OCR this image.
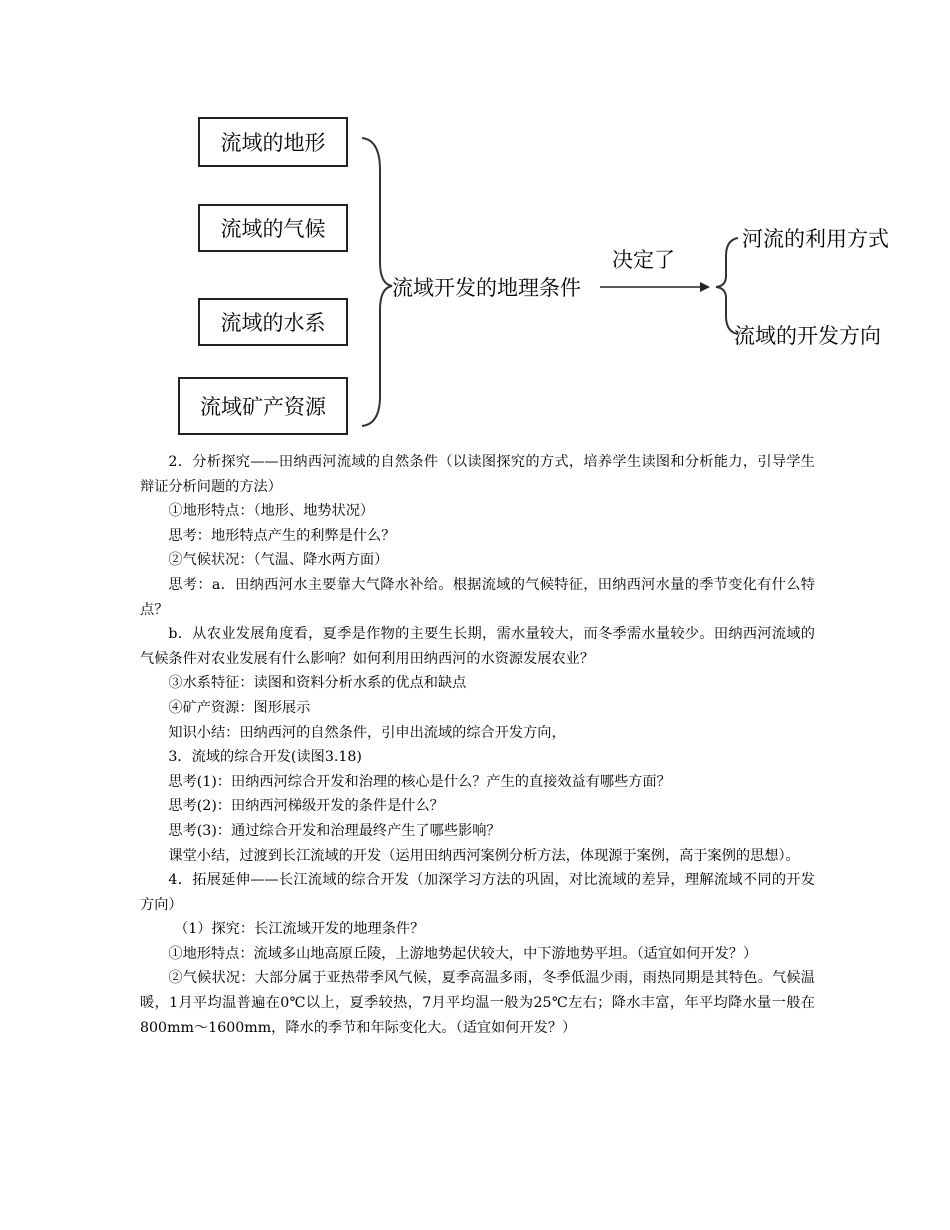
流域的地形
流域的气候
流域的水系
流域矿产资源
流域开发的地理条件
决定了
河流的利用方式
流域的开发方向

2．分析探究——田纳西河流域的自然条件（以读图探究的方式，培养学生读图和分析能力，引导学生辩证分析问题的方法）

①地形特点：（地形、地势状况）

思考：地形特点产生的利弊是什么？

②气候状况：（气温、降水两方面）

思考：a．田纳西河水主要靠大气降水补给。根据流域的气候特征，田纳西河水量的季节变化有什么特点？

b．从农业发展角度看，夏季是作物的主要生长期，需水量较大，而冬季需水量较少。田纳西河流域的气候条件对农业发展有什么影响？如何利用田纳西河的水资源发展农业？

③水系特征：读图和资料分析水系的优点和缺点

④矿产资源：图形展示

知识小结：田纳西河的自然条件，引申出流域的综合开发方向，

3．流域的综合开发(读图3.18)

思考(1)：田纳西河综合开发和治理的核心是什么？产生的直接效益有哪些方面？

思考(2)：田纳西河梯级开发的条件是什么？

思考(3)：通过综合开发和治理最终产生了哪些影响？

课堂小结，过渡到长江流域的开发（运用田纳西河案例分析方法，体现源于案例，高于案例的思想）。

4．拓展延伸——长江流域的综合开发（加深学习方法的巩固，对比流域的差异，理解流域不同的开发方向）

（1）探究：长江流域开发的地理条件？

①地形特点：流域多山地高原丘陵，上游地势起伏较大，中下游地势平坦。（适宜如何开发？）

②气候状况：大部分属于亚热带季风气候，夏季高温多雨，冬季低温少雨，雨热同期是其特色。气候温暖，1月平均温普遍在0℃以上，夏季较热，7月平均温一般为25℃左右；降水丰富，年平均降水量一般在800mm～1600mm，降水的季节和年际变化大。（适宜如何开发？）
